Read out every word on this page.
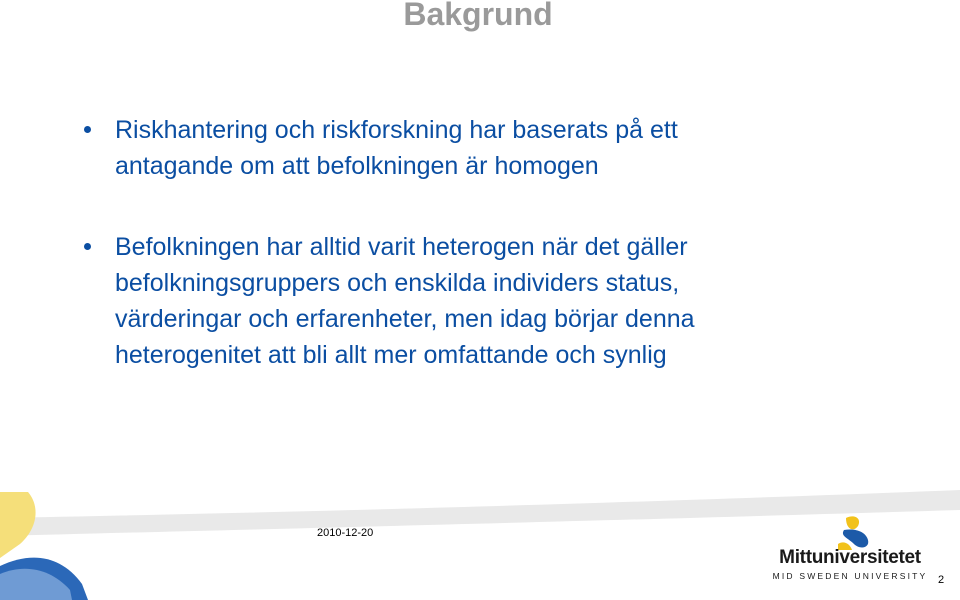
Bakgrund
Riskhantering och riskforskning har baserats på ett
antagande om att befolkningen är homogen
Befolkningen har alltid varit heterogen när det gäller
befolkningsgruppers och enskilda individers status,
värderingar och erfarenheter, men idag börjar denna
heterogenitet att bli allt mer omfattande och synlig
2010-12-20
Mittuniversitetet
MID SWEDEN UNIVERSITY 2
